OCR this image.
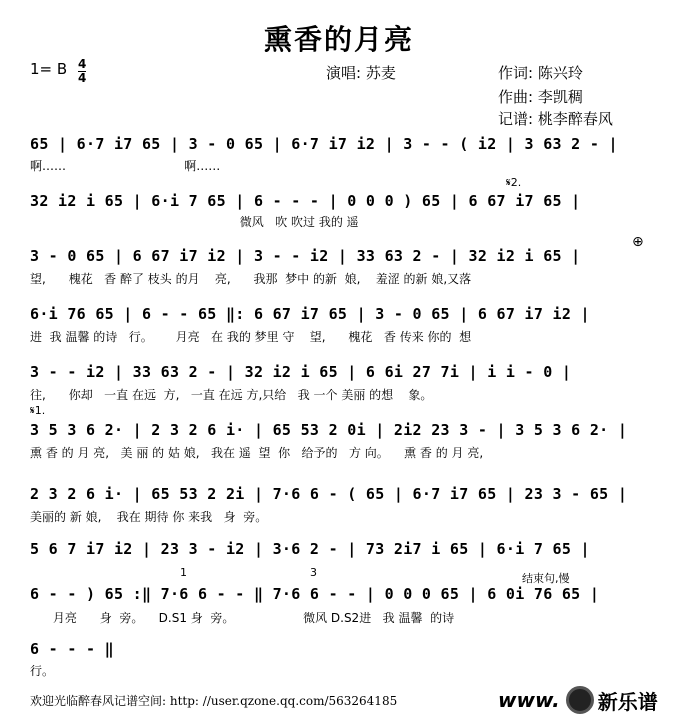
熏香的月亮
1= B 4
4	演唱: 苏麦	作词: 陈兴玲
作曲: 李凯稠
记谱: 桃李醉春风
65 | 6·7 i7 65 | 3 - 0 65 | 6·7 i7 i2 | 3 - - ( i2 | 3 63 2 - |
啊……                               啊……
32 i2 i 65 | 6·i 7 65 | 6 - - - | 0 0 0 ) 65 | 6 67 i7 65 |
微风   吹 吹过 我的 遥
𝄋2.
3 - 0 65 | 6 67 i7 i2 | 3 - - i2 | 33 63 2 - | 32 i2 i 65 |
望,      槐花   香 醉了 枝头 的月    亮,      我那  梦中 的新  娘,    羞涩 的新 娘,又落
⊕
6·i 76 65 | 6 - - 65 ‖: 6 67 i7 65 | 3 - 0 65 | 6 67 i7 i2 |
进  我 温馨 的诗   行。      月亮   在 我的 梦里 守    望,      槐花   香 传来 你的  想
3 - - i2 | 33 63 2 - | 32 i2 i 65 | 6 6i 27 7i | i i - 0 |
往,      你却   一直 在远  方,   一直 在远 方,只给   我 一个 美丽 的想    象。
𝄋1.
3 5 3 6 2· | 2 3 2 6 i· | 65 53 2 0i | 2i2 23 3 - | 3 5 3 6 2· |
熏 香 的 月 亮,   美 丽 的 姑 娘,   我在 遥  望  你   给予的   方 向。    熏 香 的 月 亮,
2 3 2 6 i· | 65 53 2 2i | 7·6 6 - ( 65 | 6·7 i7 65 | 23 3 - 65 |
美丽的 新 娘,    我在 期待 你 来我   身  旁。
5 6 7 i7 i2 | 23 3 - i2 | 3·6 2 - | 73 2i7 i 65 | 6·i 7 65 |
1	3	结束句,慢
6 - - ) 65 :‖ 7·6 6 - - ‖ 7·6 6 - - | 0 0 0 65 | 6 0i 76 65 |
月亮      身  旁。    D.S1 身  旁。                  微风 D.S2进   我 温馨  的诗
6 - - - ‖
行。
欢迎光临醉春风记谱空间: http: //user.qzone.qq.com/563264185	www. 新乐谱
